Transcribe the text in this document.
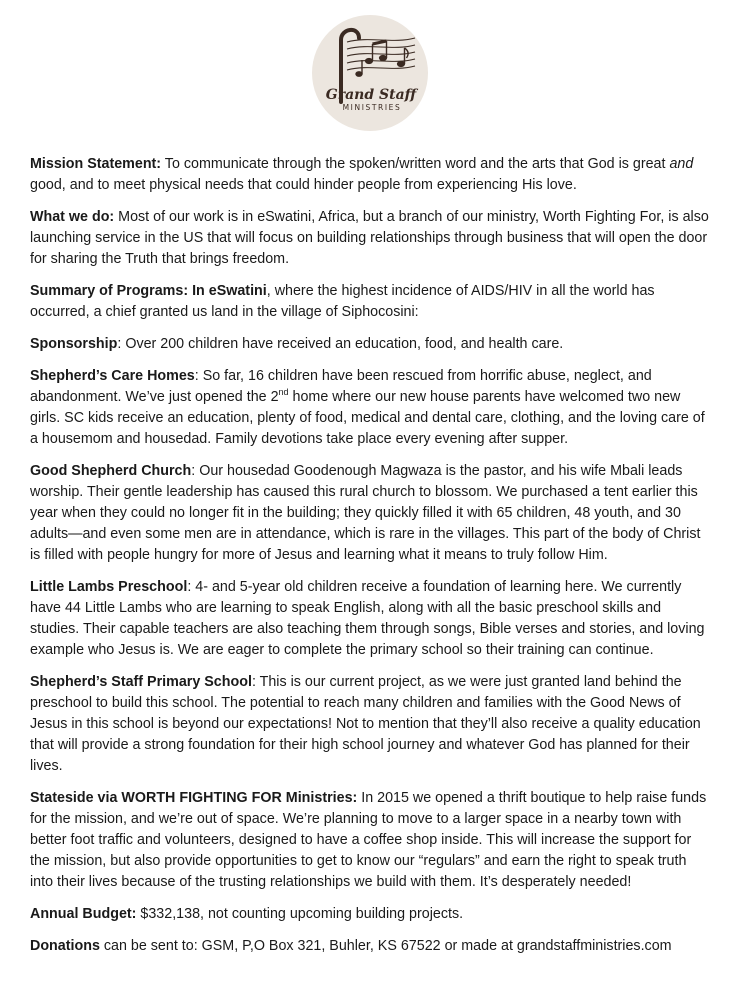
Grand Staff
MINISTRIES

Mission Statement: To communicate through the spoken/written word and the arts that God is great and good, and to meet physical needs that could hinder people from experiencing His love.

What we do: Most of our work is in eSwatini, Africa, but a branch of our ministry, Worth Fighting For, is also launching service in the US that will focus on building relationships through business that will open the door for sharing the Truth that brings freedom.

Summary of Programs: In eSwatini, where the highest incidence of AIDS/HIV in all the world has occurred, a chief granted us land in the village of Siphocosini:

Sponsorship: Over 200 children have received an education, food, and health care.

Shepherd’s Care Homes: So far, 16 children have been rescued from horrific abuse, neglect, and abandonment. We’ve just opened the 2nd home where our new house parents have welcomed two new girls. SC kids receive an education, plenty of food, medical and dental care, clothing, and the loving care of a housemom and housedad. Family devotions take place every evening after supper.

Good Shepherd Church: Our housedad Goodenough Magwaza is the pastor, and his wife Mbali leads worship. Their gentle leadership has caused this rural church to blossom. We purchased a tent earlier this year when they could no longer fit in the building; they quickly filled it with 65 children, 48 youth, and 30 adults—and even some men are in attendance, which is rare in the villages. This part of the body of Christ is filled with people hungry for more of Jesus and learning what it means to truly follow Him.

Little Lambs Preschool: 4- and 5-year old children receive a foundation of learning here. We currently have 44 Little Lambs who are learning to speak English, along with all the basic preschool skills and studies. Their capable teachers are also teaching them through songs, Bible verses and stories, and loving example who Jesus is. We are eager to complete the primary school so their training can continue.

Shepherd’s Staff Primary School: This is our current project, as we were just granted land behind the preschool to build this school. The potential to reach many children and families with the Good News of Jesus in this school is beyond our expectations! Not to mention that they’ll also receive a quality education that will provide a strong foundation for their high school journey and whatever God has planned for their lives.

Stateside via WORTH FIGHTING FOR Ministries: In 2015 we opened a thrift boutique to help raise funds for the mission, and we’re out of space. We’re planning to move to a larger space in a nearby town with better foot traffic and volunteers, designed to have a coffee shop inside. This will increase the support for the mission, but also provide opportunities to get to know our “regulars” and earn the right to speak truth into their lives because of the trusting relationships we build with them. It’s desperately needed!

Annual Budget: $332,138, not counting upcoming building projects.

Donations can be sent to: GSM, P,O Box 321, Buhler, KS 67522 or made at grandstaffministries.com
